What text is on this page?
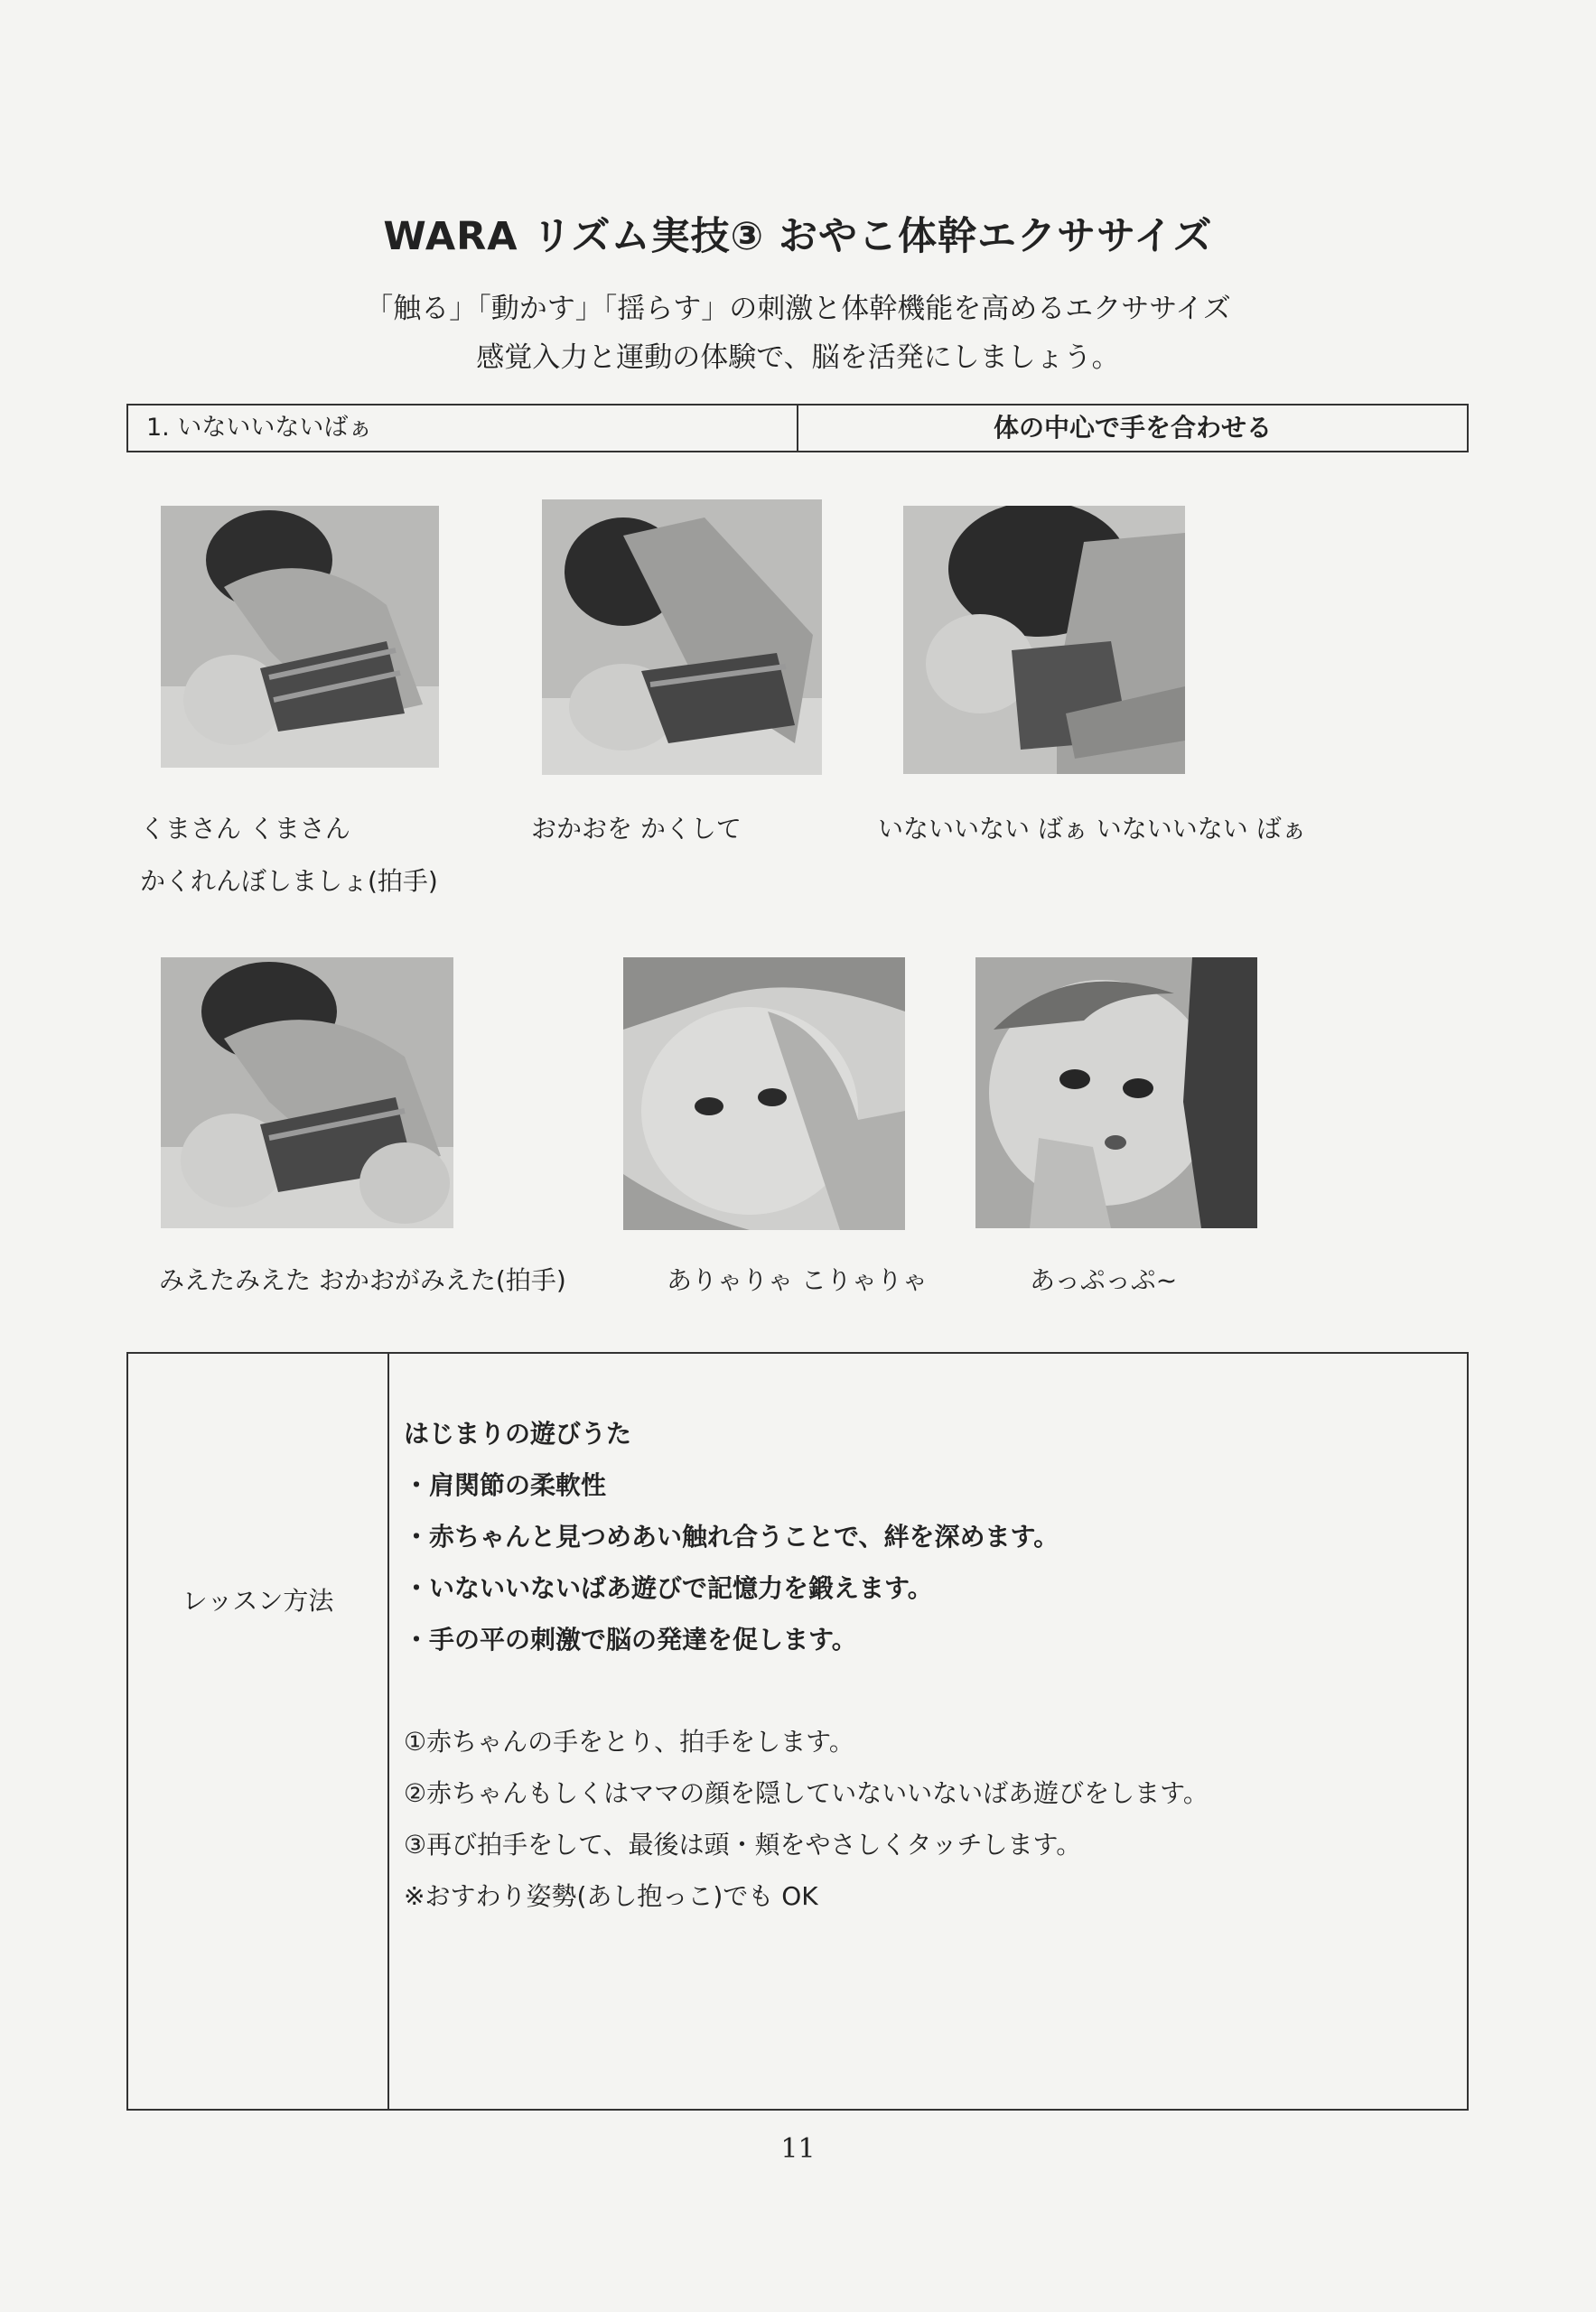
WARA リズム実技③ おやこ体幹エクササイズ
「触る」「動かす」「揺らす」の刺激と体幹機能を高めるエクササイズ
感覚入力と運動の体験で、脳を活発にしましょう。
1. いないいないばぁ	体の中心で手を合わせる
くまさん くまさん
かくれんぼしましょ(拍手)
おかおを かくして	いないいない ばぁ いないいない ばぁ
みえたみえた おかおがみえた(拍手)	ありゃりゃ こりゃりゃ	あっぷっぷ~
レッスン方法
はじまりの遊びうた
・肩関節の柔軟性
・赤ちゃんと見つめあい触れ合うことで、絆を深めます。
・いないいないばあ遊びで記憶力を鍛えます。
・手の平の刺激で脳の発達を促します。
①赤ちゃんの手をとり、拍手をします。
②赤ちゃんもしくはママの顔を隠していないいないばあ遊びをします。
③再び拍手をして、最後は頭・頬をやさしくタッチします。
※おすわり姿勢(あし抱っこ)でも OK
11
